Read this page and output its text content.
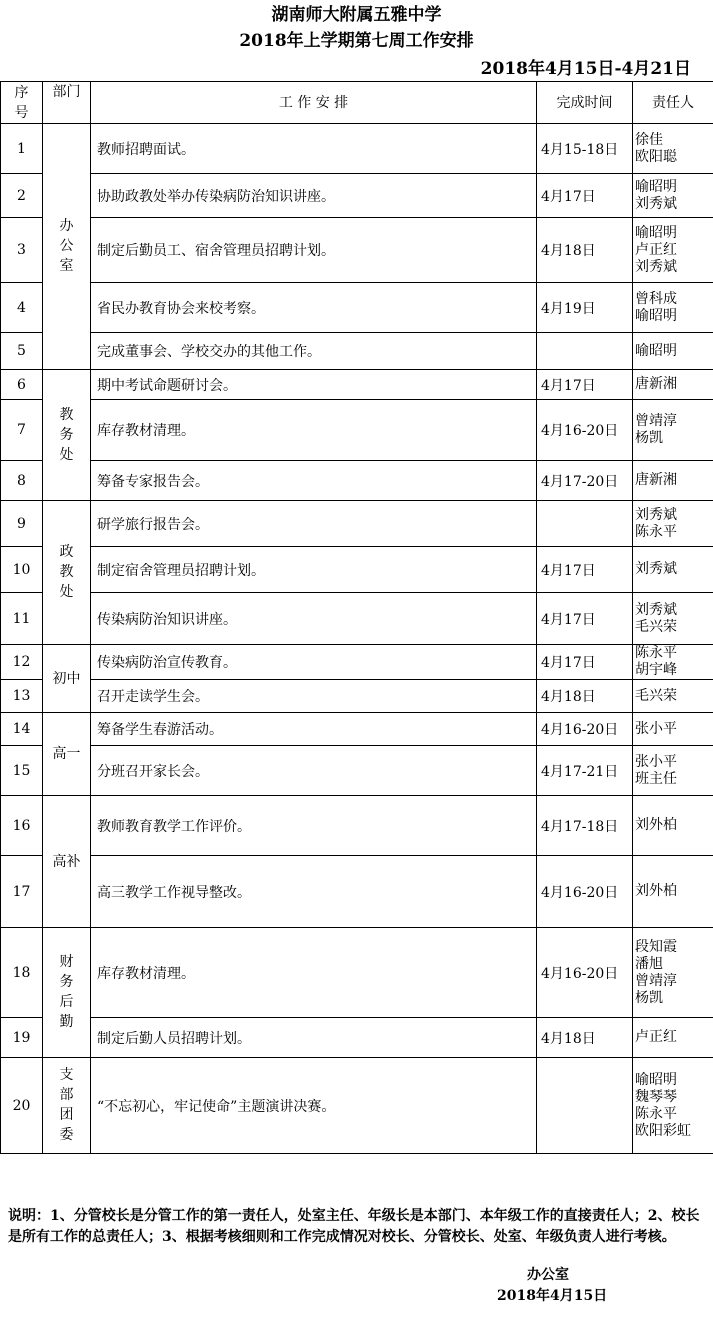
湖南师大附属五雅中学
2018年上学期第七周工作安排
2018年4月15日-4月21日
序号	部门	工 作 安 排	完成时间	责任人
1	办公室	教师招聘面试。	4月15-18日	徐佳
欧阳聪

2		协助政教处举办传染病防治知识讲座。	4月17日	喻昭明
刘秀斌

3		制定后勤员工、宿舍管理员招聘计划。	4月18日	喻昭明
卢正红
刘秀斌

4		省民办教育协会来校考察。	4月19日	曾科成
喻昭明

5		完成董事会、学校交办的其他工作。		喻昭明

6	教务处	期中考试命题研讨会。	4月17日	唐新湘

7		库存教材清理。	4月16-20日	曾靖淳
杨凯

8		筹备专家报告会。	4月17-20日	唐新湘

9	政教处	研学旅行报告会。		刘秀斌
陈永平

10		制定宿舍管理员招聘计划。	4月17日	刘秀斌

11		传染病防治知识讲座。	4月17日	刘秀斌
毛兴荣

12	初中	传染病防治宣传教育。	4月17日	陈永平
胡宇峰

13		召开走读学生会。	4月18日	毛兴荣

14	高一	筹备学生春游活动。	4月16-20日	张小平

15		分班召开家长会。	4月17-21日	张小平
班主任

16	高补	教师教育教学工作评价。	4月17-18日	刘外柏

17		高三教学工作视导整改。	4月16-20日	刘外柏

18	财务后勤	库存教材清理。	4月16-20日	段知霞
潘旭
曾靖淳
杨凯

19		制定后勤人员招聘计划。	4月18日	卢正红

20	支部团委	“不忘初心，牢记使命”主题演讲决赛。		喻昭明
魏琴琴
陈永平
欧阳彩虹
说明：1、分管校长是分管工作的第一责任人，处室主任、年级长是本部门、本年级工作的直接责任人；2、校长是所有工作的总责任人；3、根据考核细则和工作完成情况对校长、分管校长、处室、年级负责人进行考核。
办公室
2018年4月15日
